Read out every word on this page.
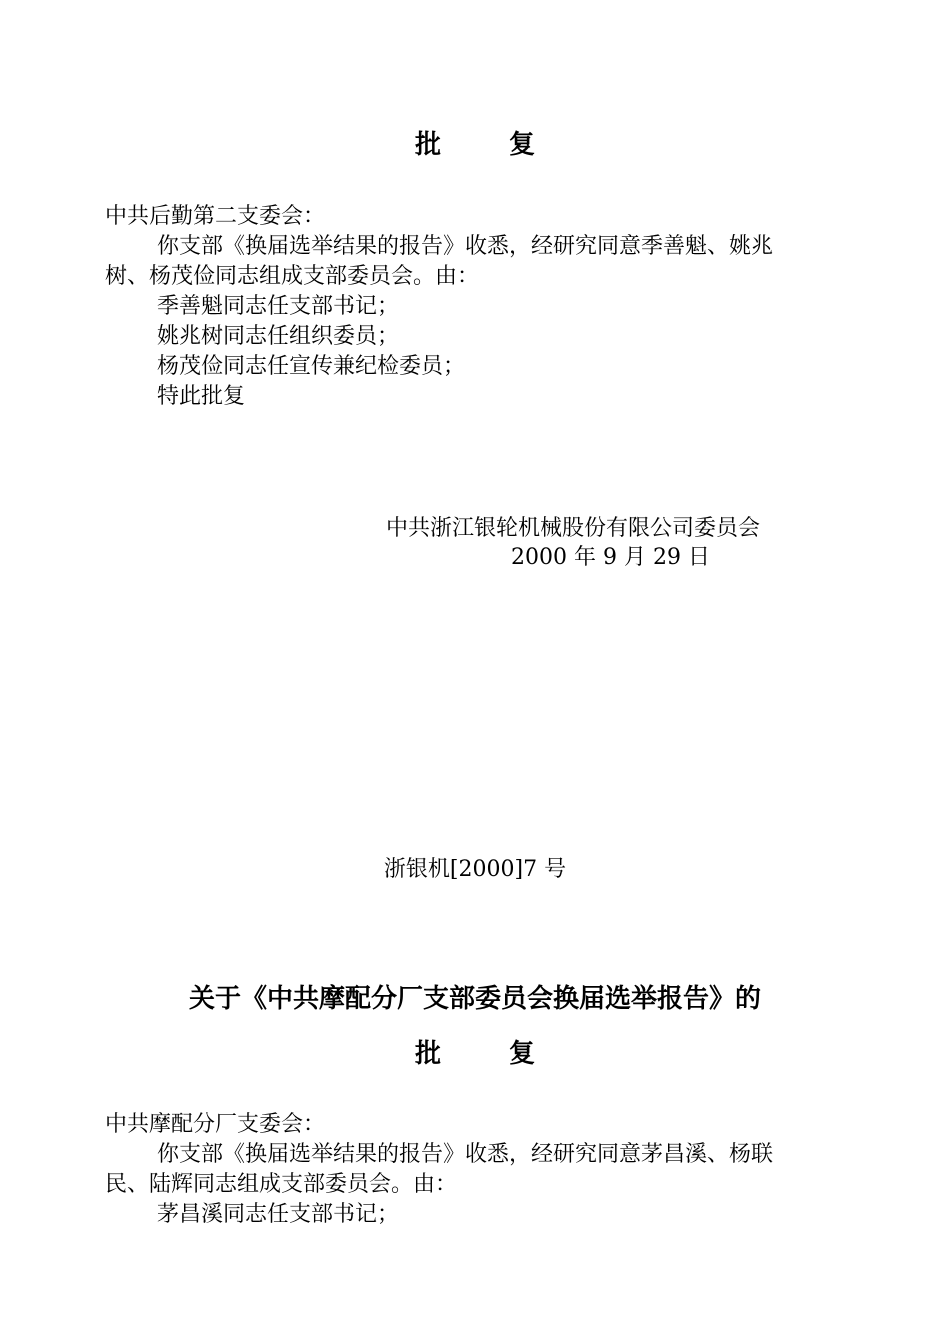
批	复
中共后勤第二支委会：
你支部《换届选举结果的报告》收悉，经研究同意季善魁、姚兆
树、杨茂俭同志组成支部委员会。由：
季善魁同志任支部书记；
姚兆树同志任组织委员；
杨茂俭同志任宣传兼纪检委员；
特此批复
中共浙江银轮机械股份有限公司委员会
2000 年 9 月 29 日
浙银机[2000]7 号
关于《中共摩配分厂支部委员会换届选举报告》的
批	复
中共摩配分厂支委会：
你支部《换届选举结果的报告》收悉，经研究同意茅昌溪、杨联
民、陆辉同志组成支部委员会。由：
茅昌溪同志任支部书记；
